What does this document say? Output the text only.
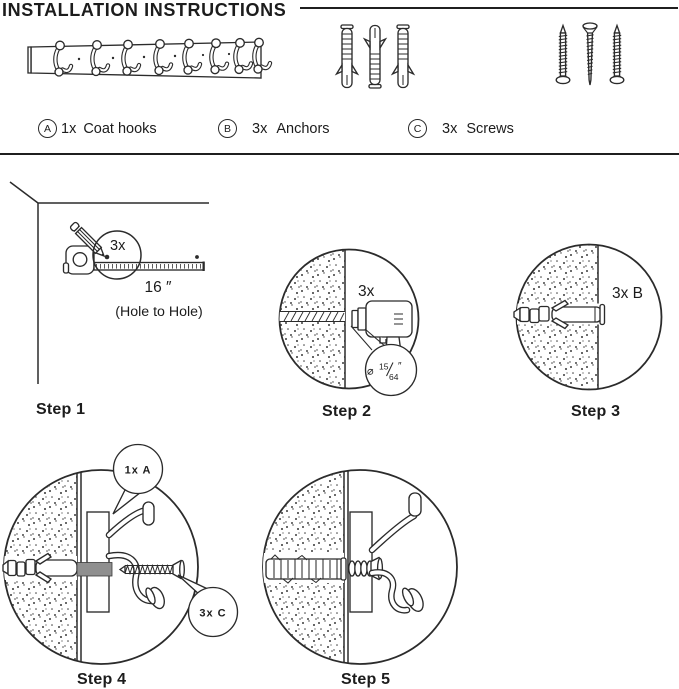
INSTALLATION INSTRUCTIONS
A 1x Coat hooks	B	3x Anchors	C	3x Screws
3x
16 ″
(Hole to Hole)
Step 1
⌀ 15
64
″
3x
Step 2
3x B
Step 3
1x A
3x C
Step 4	Step 5
